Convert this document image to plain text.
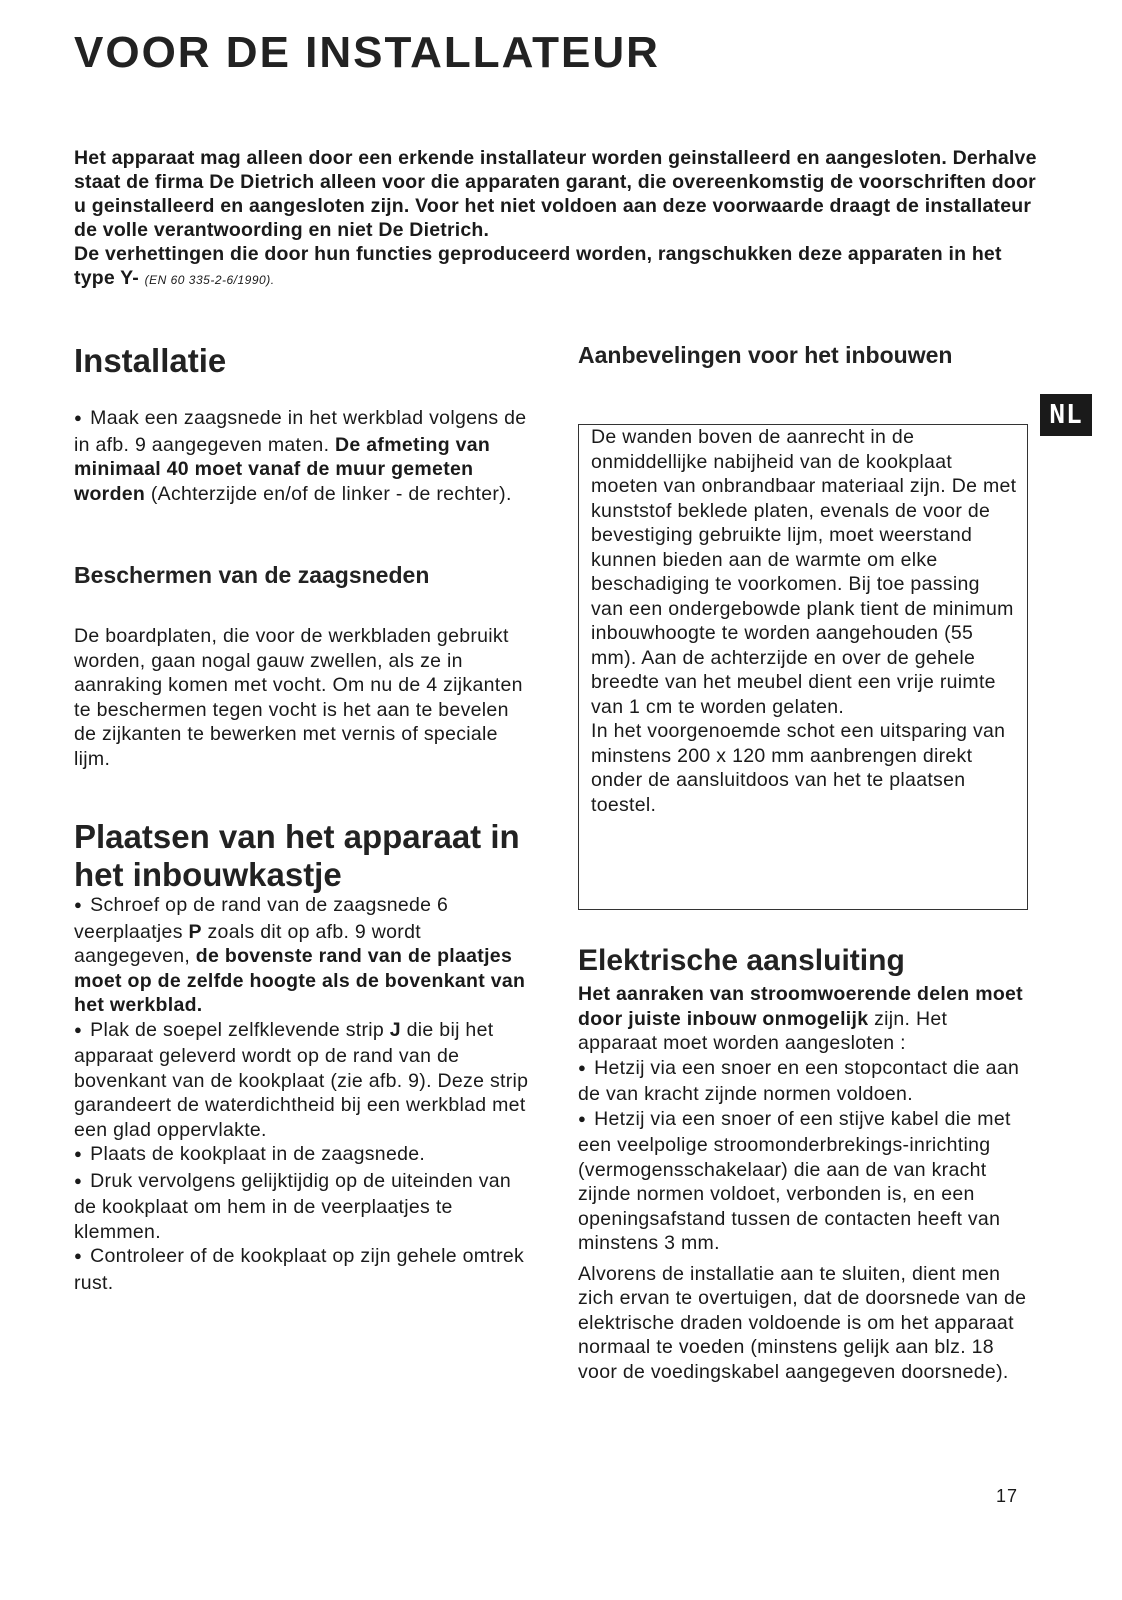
VOOR DE INSTALLATEUR

Het apparaat mag alleen door een erkende installateur worden geinstalleerd en aangesloten. Derhalve staat de firma De Dietrich alleen voor die apparaten garant, die overeenkomstig de voorschriften door u geinstalleerd en aangesloten zijn. Voor het niet voldoen aan deze voorwaarde draagt de installateur de volle verantwoording en niet De Dietrich.

De verhettingen die door hun functies geproduceerd worden, rangschukken deze apparaten in het type Y- (EN 60 335-2-6/1990).

Installatie

● Maak een zaagsnede in het werkblad volgens de in afb. 9 aangegeven maten. De afmeting van minimaal 40 moet vanaf de muur gemeten worden (Achterzijde en/of de linker - de rechter).

Beschermen van de zaagsneden

De boardplaten, die voor de werkbladen gebruikt worden, gaan nogal gauw zwellen, als ze in aanraking komen met vocht. Om nu de 4 zijkanten te beschermen tegen vocht is het aan te bevelen de zijkanten te bewerken met vernis of speciale lijm.

Plaatsen van het apparaat in het inbouwkastje

● Schroef op de rand van de zaagsnede 6 veerplaatjes P zoals dit op afb. 9 wordt aangegeven, de bovenste rand van de plaatjes moet op de zelfde hoogte als de bovenkant van het werkblad.

● Plak de soepel zelfklevende strip J die bij het apparaat geleverd wordt op de rand van de bovenkant van de kookplaat (zie afb. 9). Deze strip garandeert de waterdichtheid bij een werkblad met een glad oppervlakte.

● Plaats de kookplaat in de zaagsnede.

● Druk vervolgens gelijktijdig op de uiteinden van de kookplaat om hem in de veerplaatjes te klemmen.

● Controleer of de kookplaat op zijn gehele omtrek rust.

Aanbevelingen voor het inbouwen

De wanden boven de aanrecht in de onmiddellijke nabijheid van de kookplaat moeten van onbrandbaar materiaal zijn. De met kunststof beklede platen, evenals de voor de bevestiging gebruikte lijm, moet weerstand kunnen bieden aan de warmte om elke beschadiging te voorkomen. Bij toe passing van een ondergebowde plank tient de minimum inbouwhoogte te worden aangehouden (55 mm). Aan de achterzijde en over de gehele breedte van het meubel dient een vrije ruimte van 1 cm te worden gelaten.

In het voorgenoemde schot een uitsparing van minstens 200 x 120 mm aanbrengen direkt onder de aansluitdoos van het te plaatsen toestel.

NL
Elektrische aansluiting

Het aanraken van stroomwoerende delen moet door juiste inbouw onmogelijk zijn. Het apparaat moet worden aangesloten :

● Hetzij via een snoer en een stopcontact die aan de van kracht zijnde normen voldoen.

● Hetzij via een snoer of een stijve kabel die met een veelpolige stroomonderbrekings-inrichting (vermogensschakelaar) die aan de van kracht zijnde normen voldoet, verbonden is, en een openingsafstand tussen de contacten heeft van minstens 3 mm.

Alvorens de installatie aan te sluiten, dient men zich ervan te overtuigen, dat de doorsnede van de elektrische draden voldoende is om het apparaat normaal te voeden (minstens gelijk aan blz. 18 voor de voedingskabel aangegeven doorsnede).

17
